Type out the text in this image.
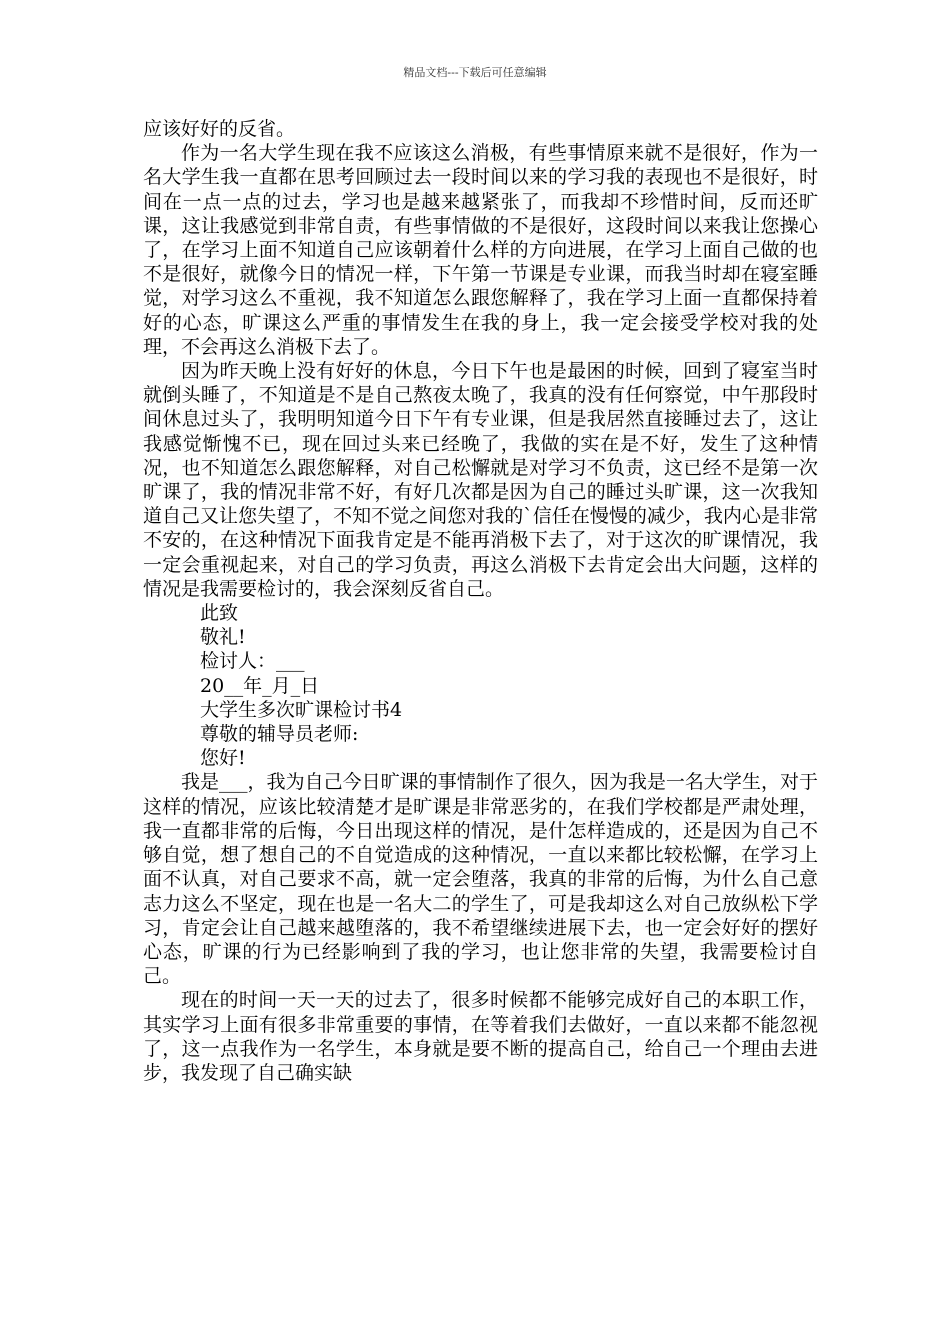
精品文档---下载后可任意编辑

应该好好的反省。

作为一名大学生现在我不应该这么消极，有些事情原来就不是很好，作为一名大学生我一直都在思考回顾过去一段时间以来的学习我的表现也不是很好，时间在一点一点的过去，学习也是越来越紧张了，而我却不珍惜时间，反而还旷课，这让我感觉到非常自责，有些事情做的不是很好，这段时间以来我让您操心了，在学习上面不知道自己应该朝着什么样的方向进展，在学习上面自己做的也不是很好，就像今日的情况一样，下午第一节课是专业课，而我当时却在寝室睡觉，对学习这么不重视，我不知道怎么跟您解释了，我在学习上面一直都保持着好的心态，旷课这么严重的事情发生在我的身上，我一定会接受学校对我的处理，不会再这么消极下去了。

因为昨天晚上没有好好的休息，今日下午也是最困的时候，回到了寝室当时就倒头睡了，不知道是不是自己熬夜太晚了，我真的没有任何察觉，中午那段时间休息过头了，我明明知道今日下午有专业课，但是我居然直接睡过去了，这让我感觉惭愧不已，现在回过头来已经晚了，我做的实在是不好，发生了这种情况，也不知道怎么跟您解释，对自己松懈就是对学习不负责，这已经不是第一次旷课了，我的情况非常不好，有好几次都是因为自己的睡过头旷课，这一次我知道自己又让您失望了，不知不觉之间您对我的`信任在慢慢的减少，我内心是非常不安的，在这种情况下面我肯定是不能再消极下去了，对于这次的旷课情况，我一定会重视起来，对自己的学习负责，再这么消极下去肯定会出大问题，这样的情况是我需要检讨的，我会深刻反省自己。

此致

敬礼!

检讨人：___

20__年_月_日

大学生多次旷课检讨书4

尊敬的辅导员老师:

您好!

我是___，我为自己今日旷课的事情制作了很久，因为我是一名大学生，对于这样的情况，应该比较清楚才是旷课是非常恶劣的，在我们学校都是严肃处理，我一直都非常的后悔，今日出现这样的情况，是什怎样造成的，还是因为自己不够自觉，想了想自己的不自觉造成的这种情况，一直以来都比较松懈，在学习上面不认真，对自己要求不高，就一定会堕落，我真的非常的后悔，为什么自己意志力这么不坚定，现在也是一名大二的学生了，可是我却这么对自己放纵松下学习，肯定会让自己越来越堕落的，我不希望继续进展下去，也一定会好好的摆好心态，旷课的行为已经影响到了我的学习，也让您非常的失望，我需要检讨自己。

现在的时间一天一天的过去了，很多时候都不能够完成好自己的本职工作，其实学习上面有很多非常重要的事情，在等着我们去做好，一直以来都不能忽视了，这一点我作为一名学生，本身就是要不断的提高自己，给自己一个理由去进步，我发现了自己确实缺
